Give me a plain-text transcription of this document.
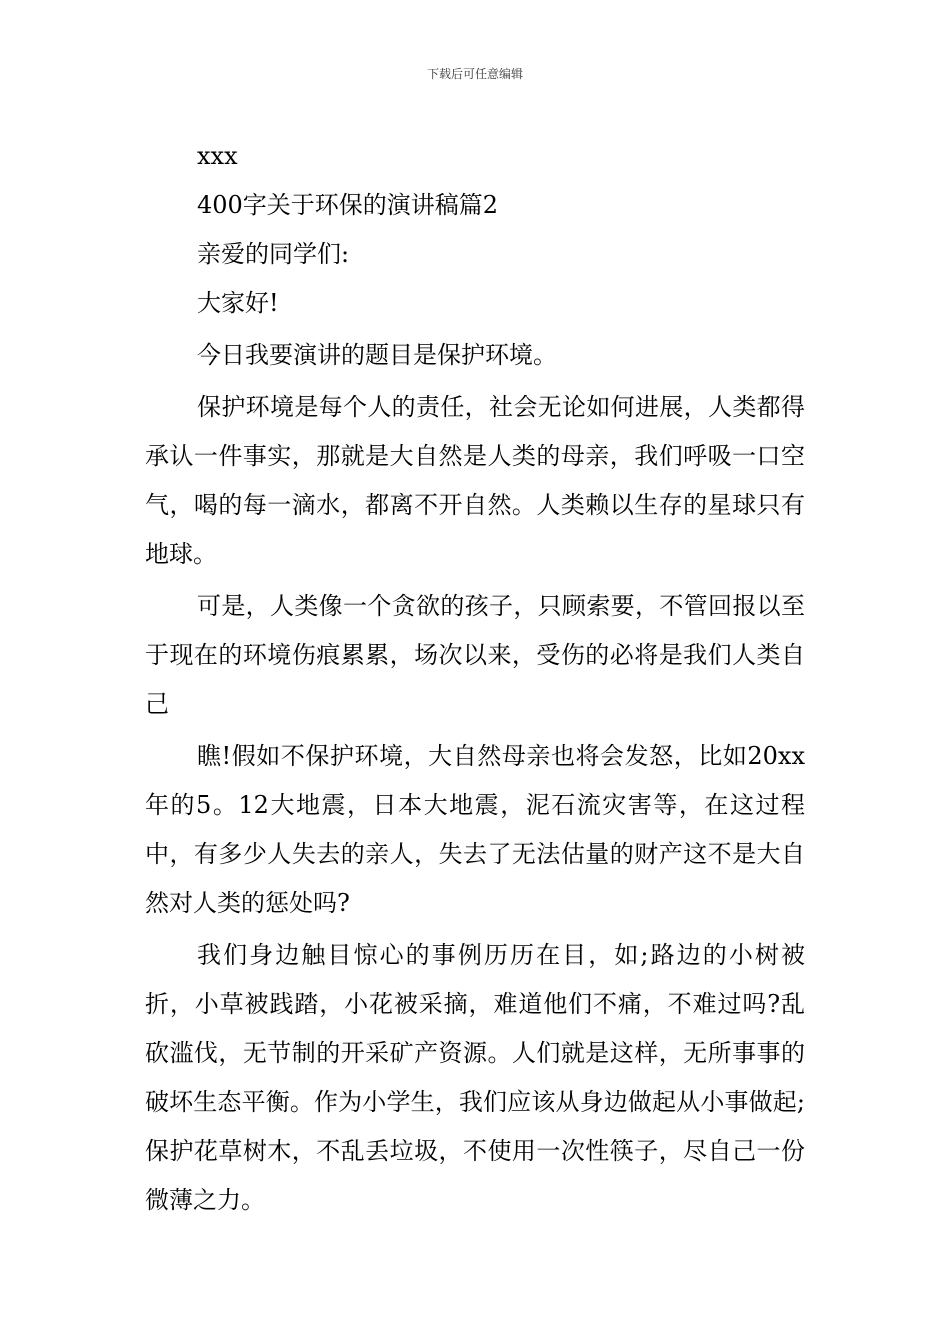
下载后可任意编辑
xxx
400字关于环保的演讲稿篇2
亲爱的同学们:
大家好!

今日我要演讲的题目是保护环境。

保护环境是每个人的责任，社会无论如何进展，人类都得承认一件事实，那就是大自然是人类的母亲，我们呼吸一口空气，喝的每一滴水，都离不开自然。人类赖以生存的星球只有地球。

可是，人类像一个贪欲的孩子，只顾索要，不管回报以至于现在的环境伤痕累累，场次以来，受伤的必将是我们人类自己

瞧!假如不保护环境，大自然母亲也将会发怒，比如20xx年的5。12大地震，日本大地震，泥石流灾害等，在这过程中，有多少人失去的亲人，失去了无法估量的财产这不是大自然对人类的惩处吗?

我们身边触目惊心的事例历历在目，如;路边的小树被折，小草被践踏，小花被采摘，难道他们不痛，不难过吗?乱砍滥伐，无节制的开采矿产资源。人们就是这样，无所事事的破坏生态平衡。作为小学生，我们应该从身边做起从小事做起;保护花草树木，不乱丢垃圾，不使用一次性筷子，尽自己一份微薄之力。
